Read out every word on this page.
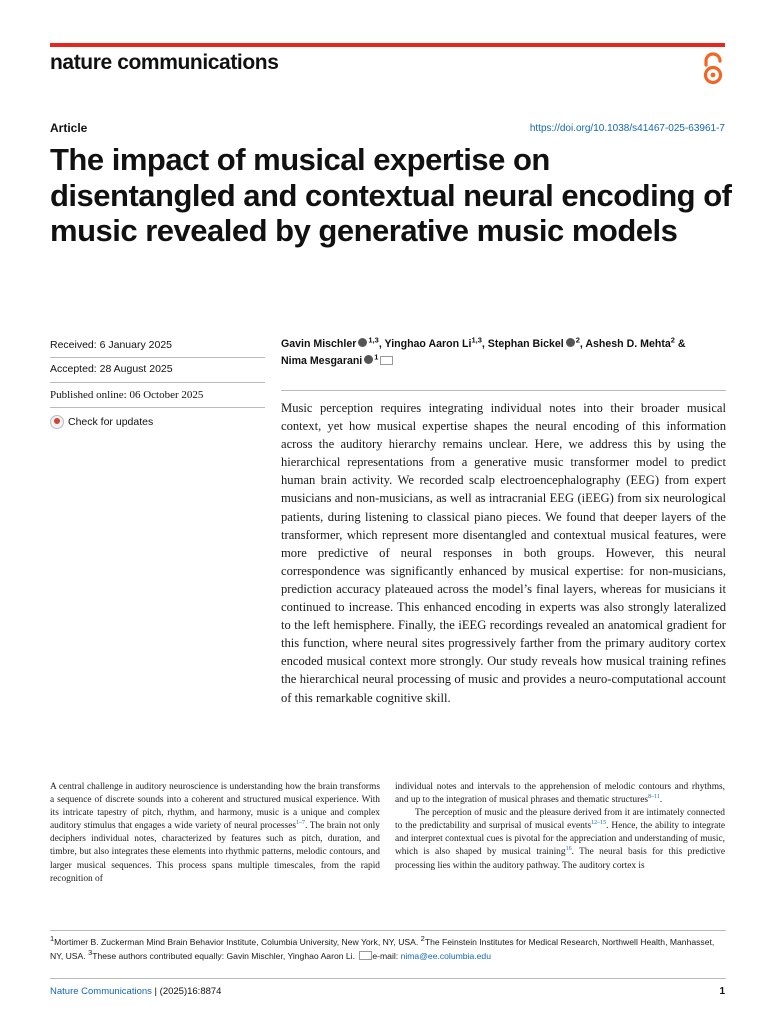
nature communications
Article	https://doi.org/10.1038/s41467-025-63961-7
The impact of musical expertise on disentangled and contextual neural encoding of music revealed by generative music models
Received: 6 January 2025
Accepted: 28 August 2025
Published online: 06 October 2025
Check for updates
Gavin Mischler $^{1,3}$, Yinghao Aaron Li$^{1,3}$, Stephan Bickel $^2$, Ashesh D. Mehta$^2$ &
Nima Mesgarani $^1$

Music perception requires integrating individual notes into their broader musical context, yet how musical expertise shapes the neural encoding of this information across the auditory hierarchy remains unclear. Here, we address this by using the hierarchical representations from a generative music transformer model to predict human brain activity. We recorded scalp electroencephalography (EEG) from expert musicians and non-musicians, as well as intracranial EEG (iEEG) from six neurological patients, during listening to classical piano pieces. We found that deeper layers of the transformer, which represent more disentangled and contextual musical features, were more predictive of neural responses in both groups. However, this neural correspondence was significantly enhanced by musical expertise: for non-musicians, prediction accuracy plateaued across the model’s final layers, whereas for musicians it continued to increase. This enhanced encoding in experts was also strongly lateralized to the left hemisphere. Finally, the iEEG recordings revealed an anatomical gradient for this function, where neural sites progressively farther from the primary auditory cortex encoded musical context more strongly. Our study reveals how musical training refines the hierarchical neural processing of music and provides a neuro-computational account of this remarkable cognitive skill.

A central challenge in auditory neuroscience is understanding how the brain transforms a sequence of discrete sounds into a coherent and structured musical experience. With its intricate tapestry of pitch, rhythm, and harmony, music is a unique and complex auditory stimulus that engages a wide variety of neural processes$^{1-7}$. The brain not only deciphers individual notes, characterized by features such as pitch, duration, and timbre, but also integrates these elements into rhythmic patterns, melodic contours, and larger musical sequences. This process spans multiple timescales, from the rapid recognition of

individual notes and intervals to the apprehension of melodic contours and rhythms, and up to the integration of musical phrases and thematic structures$^{8-11}$.

The perception of music and the pleasure derived from it are intimately connected to the predictability and surprisal of musical events$^{12-15}$. Hence, the ability to integrate and interpret contextual cues is pivotal for the appreciation and understanding of music, which is also shaped by musical training$^{16}$. The neural basis for this predictive processing lies within the auditory pathway. The auditory cortex is

1Mortimer B. Zuckerman Mind Brain Behavior Institute, Columbia University, New York, NY, USA. 2The Feinstein Institutes for Medical Research, Northwell Health, Manhasset, NY, USA. 3These authors contributed equally: Gavin Mischler, Yinghao Aaron Li. e-mail: nima@ee.columbia.edu

Nature Communications | (2025)16:8874	1
